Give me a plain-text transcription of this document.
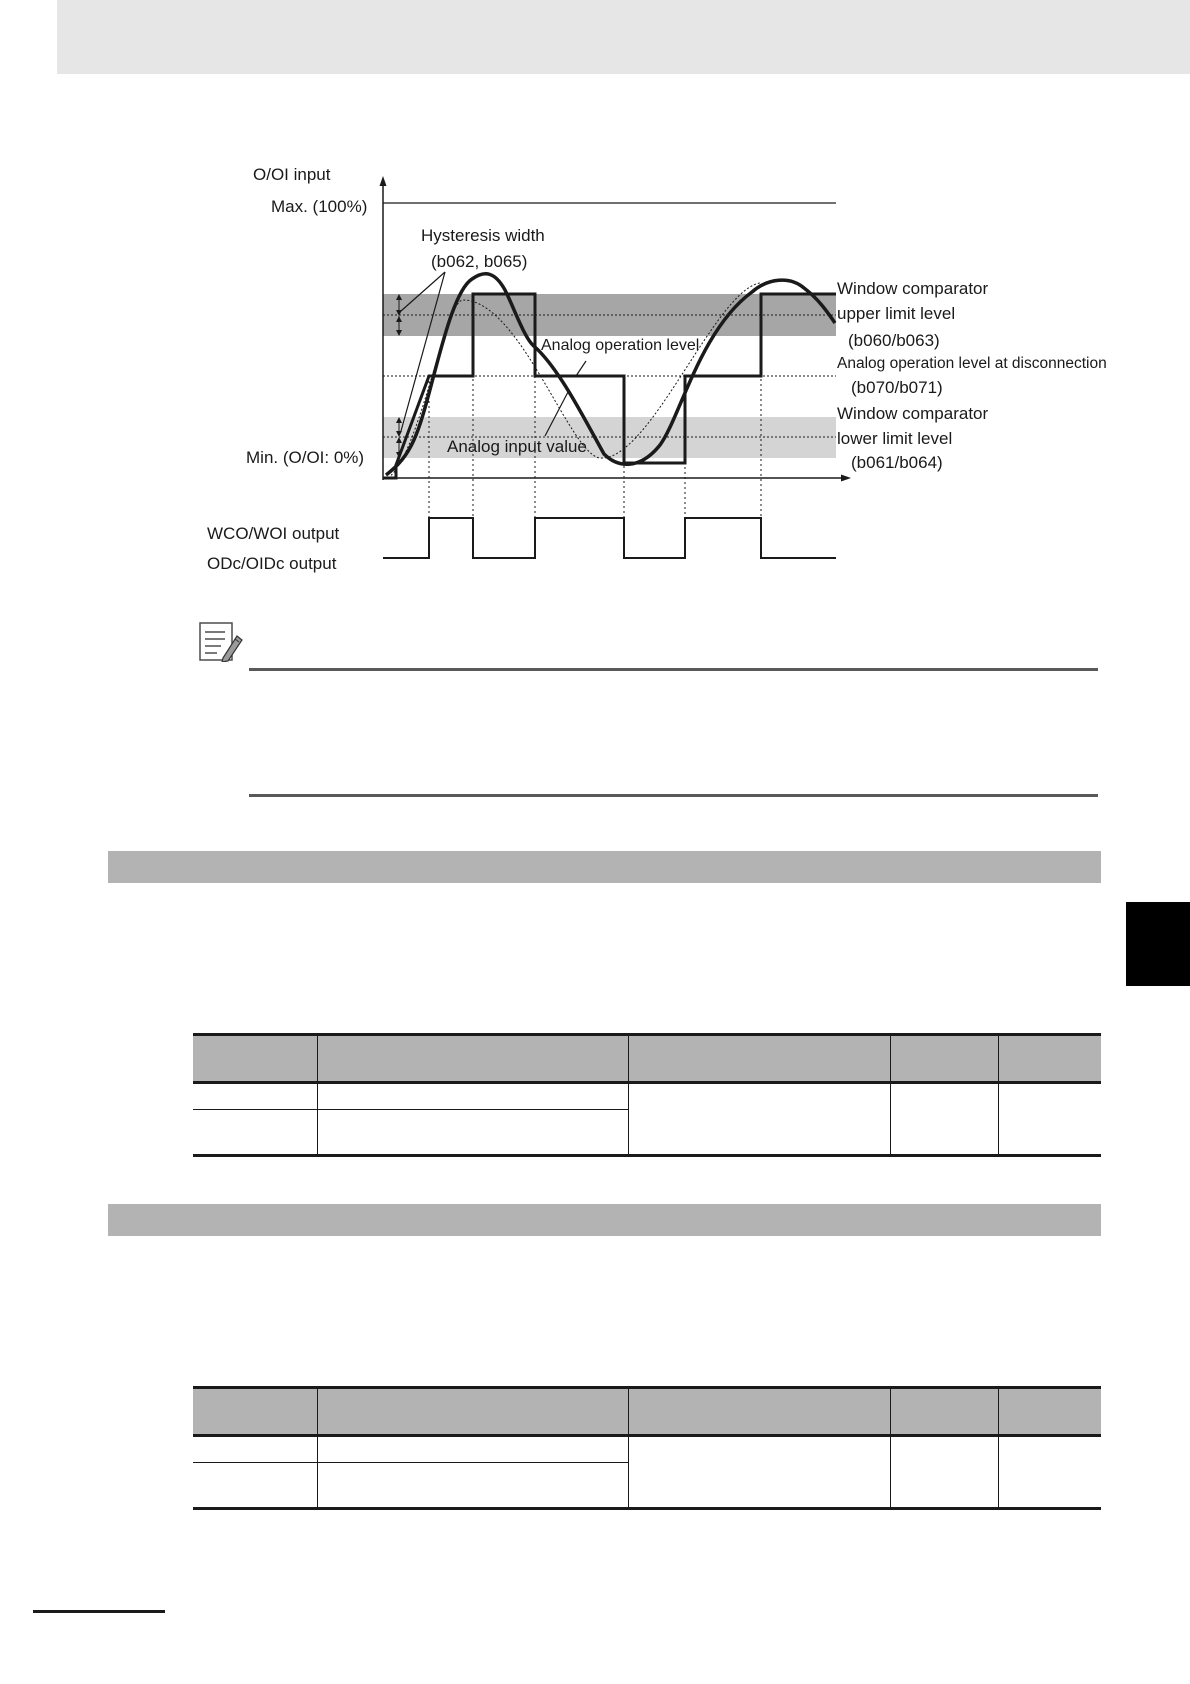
O/OI input
Max. (100%)
Min. (O/OI: 0%)
Hysteresis width
(b062, b065)
Analog operation level
Analog input value
Window comparator
upper limit level
(b060/b063)
Analog operation level at disconnection
(b070/b071)
Window comparator
lower limit level
(b061/b064)
WCO/WOI output
ODc/OIDc output
